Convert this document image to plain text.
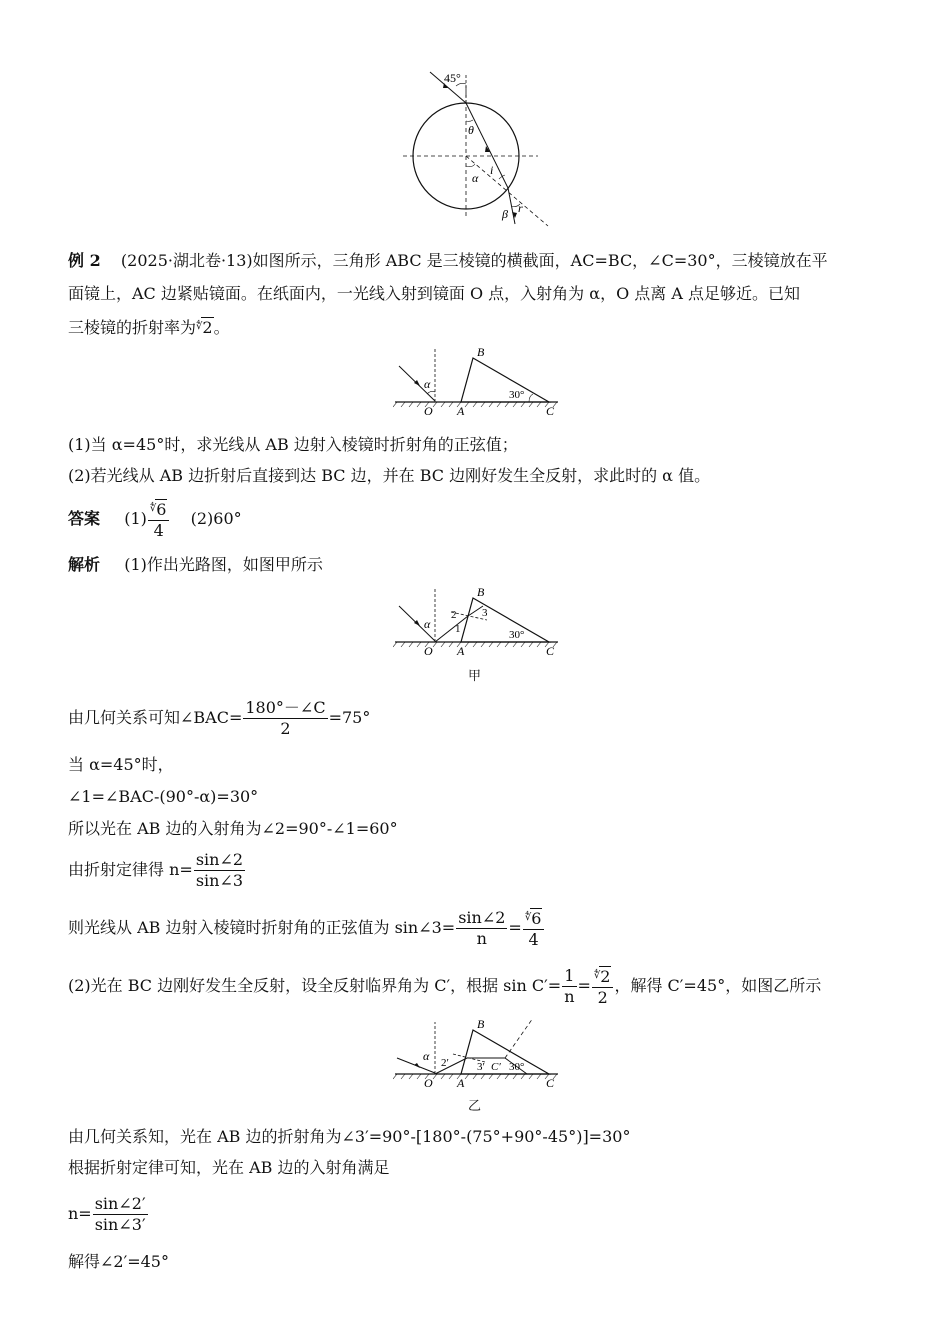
45°
θ
i
α
r
β
例 2 (2025·湖北卷·13)如图所示，三角形 ABC 是三棱镜的横截面，AC=BC，∠C=30°，三棱镜放在平
面镜上，AC 边紧贴镜面。在纸面内，一光线入射到镜面 O 点，入射角为 α，O 点离 A 点足够近。已知
三棱镜的折射率为∜2。
α
O A
B
C
30°
(1)当 α=45°时，求光线从 AB 边射入棱镜时折射角的正弦值；
(2)若光线从 AB 边折射后直接到达 BC 边，并在 BC 边刚好发生全反射，求此时的 α 值。
答案 $(1) \frac{^∜6}{4} (2)60^\circ$
解析 (1)作出光路图，如图甲所示
α
O A
B
C
30°
1
2 3
甲
由几何关系可知∠BAC= $\frac{180^\circ-\angle C}{2} =75^\circ$
当 α=45°时，
∠1=∠BAC-(90°-α)=30°
所以光在 AB 边的入射角为∠2=90°-∠1=60°
由折射定律得 $n= \frac{\sin\angle 2}{\sin\angle 3}$
则光线从 AB 边射入棱镜时折射角的正弦值为 sin∠3= $\frac{\sin\angle 2}{n} = \frac{^∜6}{4}$
(2)光在 BC 边刚好发生全反射，设全反射临界角为 C′，根据 $\sin C'= \frac{1}{n} = \frac{^∜2}{2}$ ，解得 C′=45°，如图乙所示
α
O A
B
C
30°
2′	3′ C′
乙
由几何关系知，光在 AB 边的折射角为∠3′=90°-[180°-(75°+90°-45°)]=30°
根据折射定律可知，光在 AB 边的入射角满足
$n= \frac{\sin\angle 2'}{\sin\angle 3'}$
解得∠2′=45°
